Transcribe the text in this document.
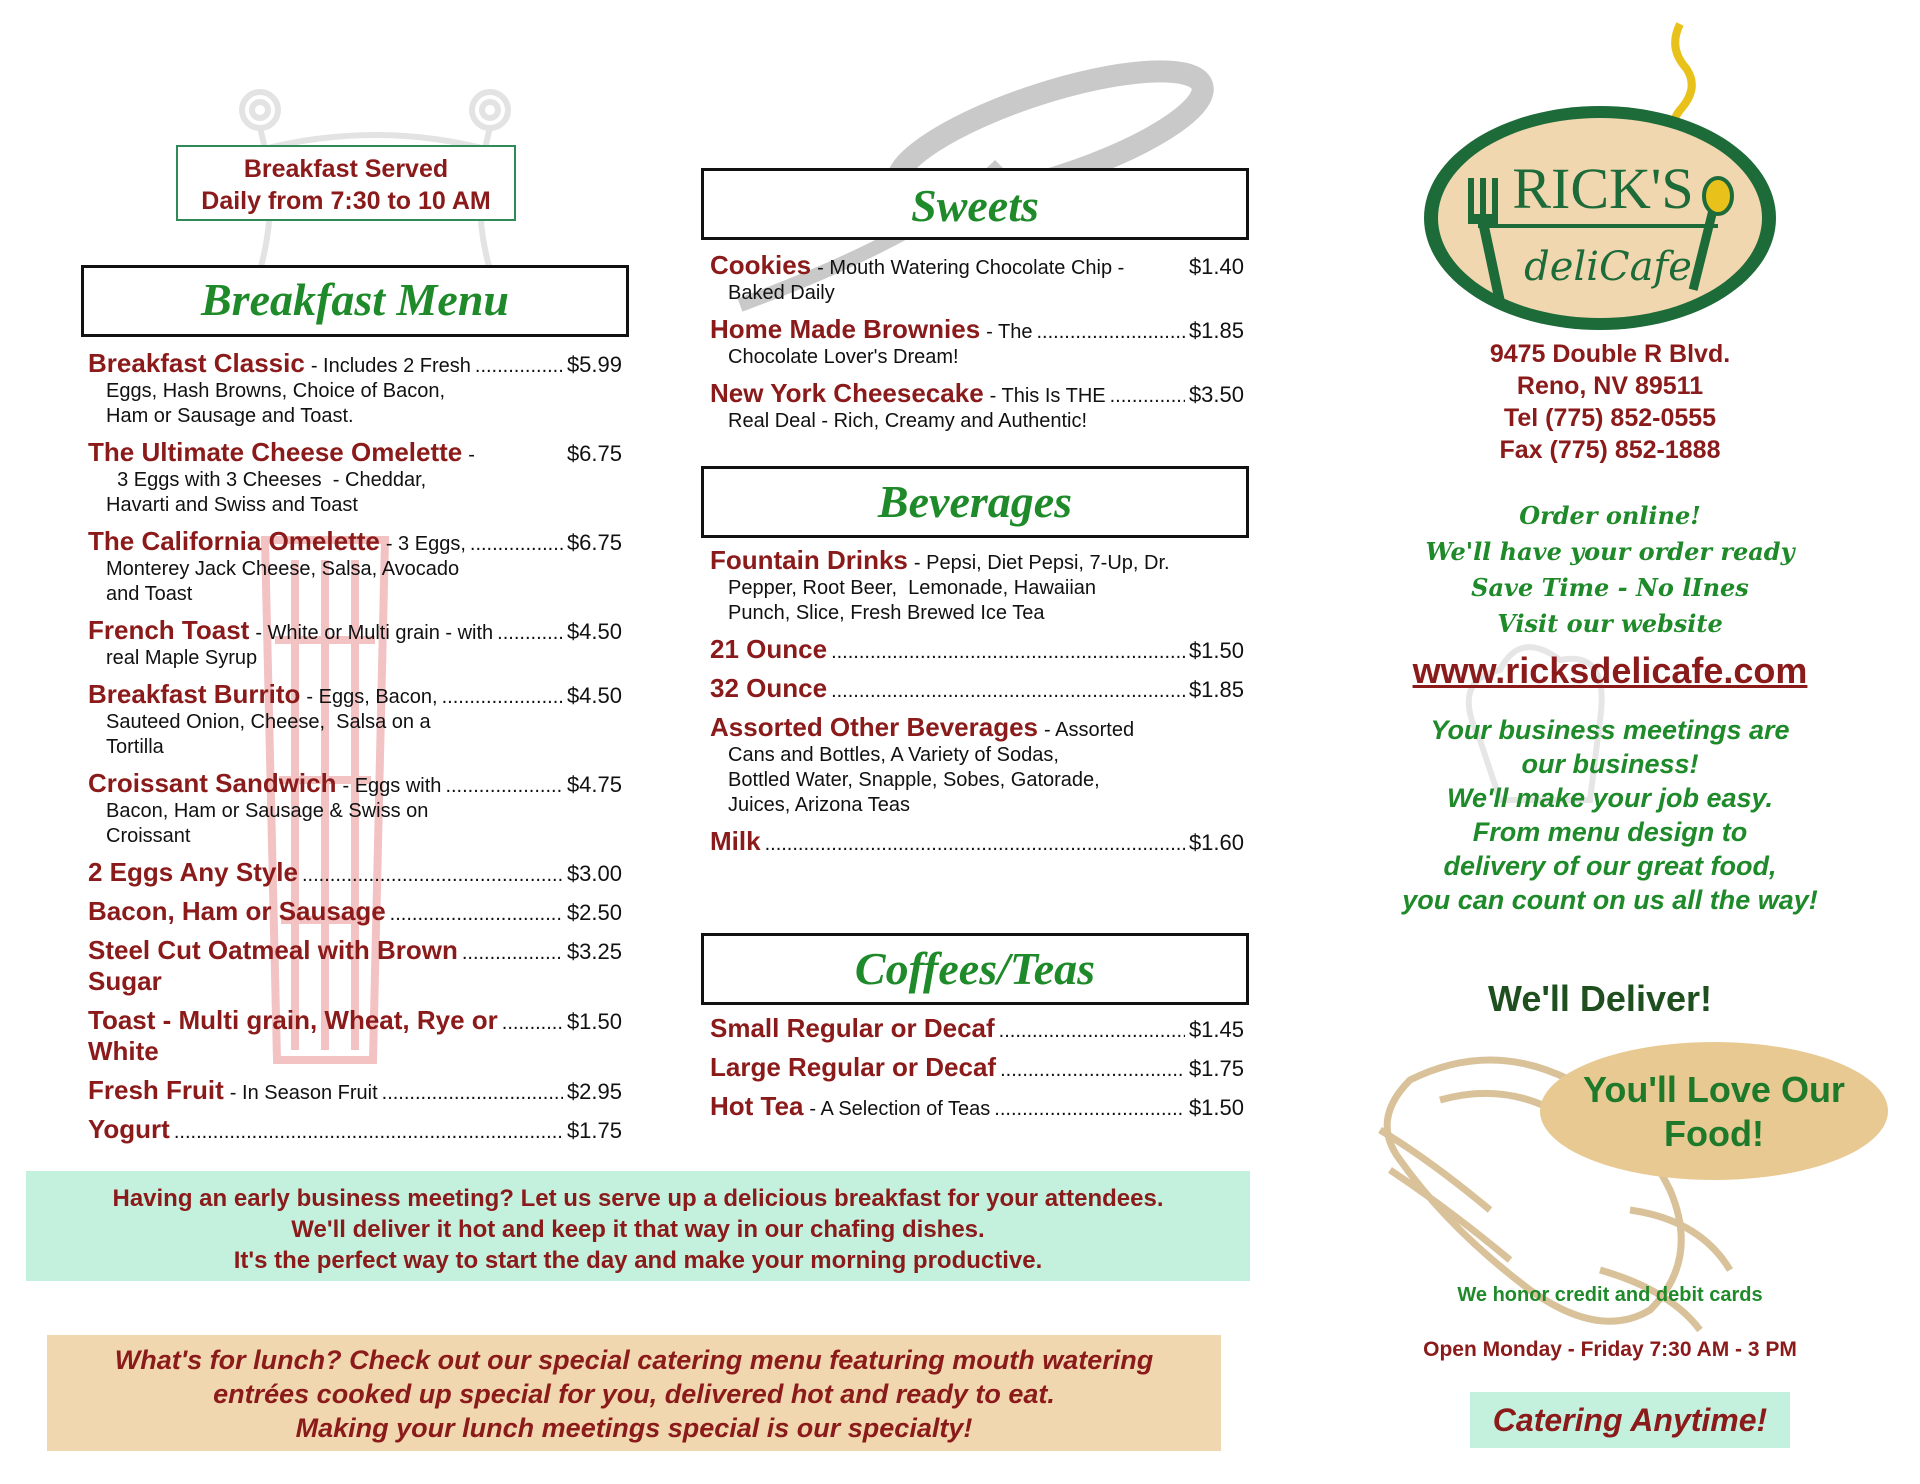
Breakfast Served
Daily from 7:30 to 10 AM
Breakfast Menu
Sweets
Beverages
Coffees/Teas
Breakfast Classic - Includes 2 Fresh .....	$5.99
Eggs, Hash Browns, Choice of Bacon,
Ham or Sausage and Toast.
The Ultimate Cheese Omelette -	$6.75
3 Eggs with 3 Cheeses  - Cheddar,
Havarti and Swiss and Toast
The California Omelette - 3 Eggs, .....	$6.75
Monterey Jack Cheese, Salsa, Avocado
and Toast
French Toast - White or Multi grain - with .....	$4.50
real Maple Syrup
Breakfast Burrito - Eggs, Bacon, .....	$4.50
Sauteed Onion, Cheese,  Salsa on a
Tortilla
Croissant Sandwich - Eggs with .....	$4.75
Bacon, Ham or Sausage & Swiss on
Croissant
2 Eggs Any Style .....	$3.00
Bacon, Ham or Sausage .....	$2.50
Steel Cut Oatmeal with Brown .....	$3.25
Sugar
Toast - Multi grain, Wheat, Rye or .....	$1.50
White
Fresh Fruit - In Season Fruit .....	$2.95
Yogurt .....	$1.75
Cookies - Mouth Watering Chocolate Chip -	$1.40
Baked Daily
Home Made Brownies - The .....	$1.85
Chocolate Lover's Dream!
New York Cheesecake - This Is THE .....	$3.50
Real Deal - Rich, Creamy and Authentic!
Fountain Drinks - Pepsi, Diet Pepsi, 7-Up, Dr.
Pepper, Root Beer,  Lemonade, Hawaiian
Punch, Slice, Fresh Brewed Ice Tea
21 Ounce .....	$1.50
32 Ounce .....	$1.85
Assorted Other Beverages - Assorted
Cans and Bottles, A Variety of Sodas,
Bottled Water, Snapple, Sobes, Gatorade,
Juices, Arizona Teas
Milk .....	$1.60
Small Regular or Decaf .....	$1.45
Large Regular or Decaf .....	$1.75
Hot Tea - A Selection of Teas .....	$1.50
Having an early business meeting? Let us serve up a delicious breakfast for your attendees.
We'll deliver it hot and keep it that way in our chafing dishes.
It's the perfect way to start the day and make your morning productive.
What's for lunch? Check out our special catering menu featuring mouth watering
entrées cooked up special for you, delivered hot and ready to eat.
Making your lunch meetings special is our specialty!
RICK'S
deliCafe
9475 Double R Blvd.
Reno, NV 89511
Tel (775) 852-0555
Fax (775) 852-1888
Order online!
We'll have your order ready
Save Time - No lInes
Visit our website
www.ricksdelicafe.com
Your business meetings are
our business!
We'll make your job easy.
From menu design to
delivery of our great food,
you can count on us all the way!
We'll Deliver!
You'll Love Our
Food!
We honor credit and debit cards
Open Monday - Friday 7:30 AM - 3 PM
Catering Anytime!
